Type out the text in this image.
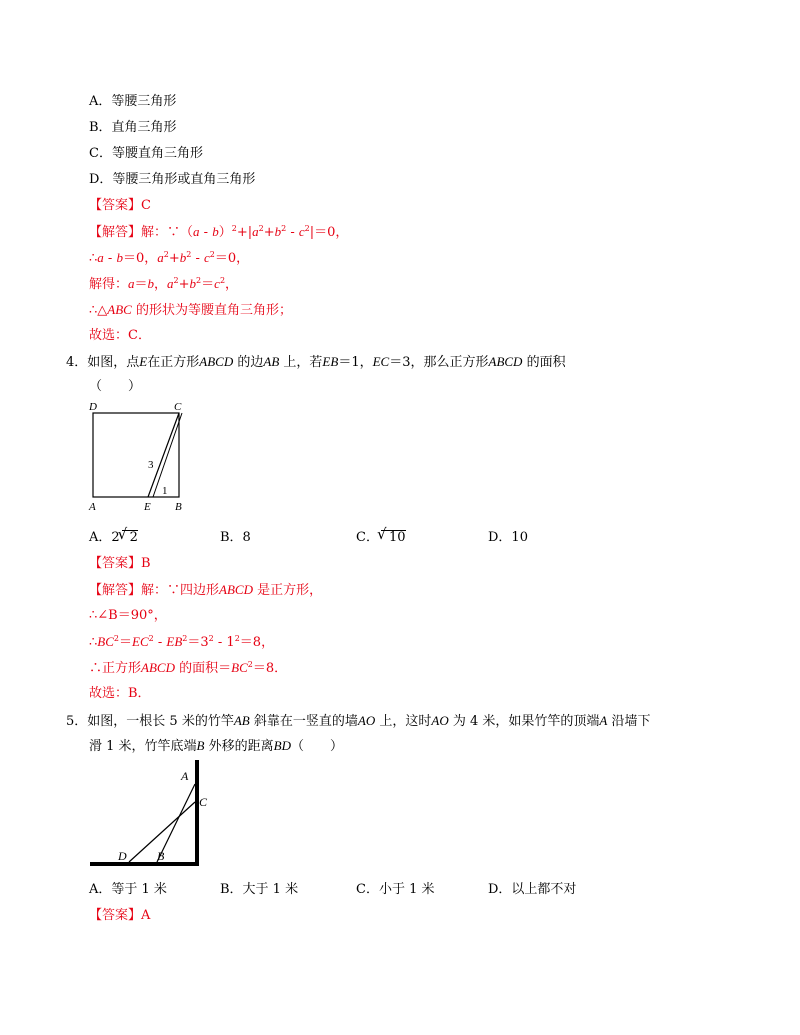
A．等腰三角形
B．直角三角形
C．等腰直角三角形
D．等腰三角形或直角三角形
【答案】C
【解答】解：∵（a - $b)^2+|a^2+b^2 - c^2|=0$，
∴a - b＝0，$a^2+b^2 - c^2=0$，
解得：a＝b，$a^2+b^2=c^2$，
∴△ABC 的形状为等腰直角三角形；
故选：C．
4．如图，点E在正方形ABCD 的边AB 上，若EB＝1，EC＝3，那么正方形ABCD 的面积
（　　）
D	C
A	E B
3
1
A．2 √ 2	B．8	C． √ 10	D．10
【答案】B
【解答】解：∵四边形ABCD 是正方形，
∴∠B＝90°，
$\therefore BC^2=EC^2 - EB^2=3^2 - 1^2=8$，
∴正方形ABCD 的面积$=BC^2=8$．
故选：B．
5．如图，一根长 5 米的竹竿AB 斜靠在一竖直的墙AO 上，这时AO 为 4 米，如果竹竿的顶端A 沿墙下
滑 1 米，竹竿底端B 外移的距离BD（　　）
A
C
D	B
A．等于 1 米	B．大于 1 米	C．小于 1 米	D．以上都不对
【答案】A
